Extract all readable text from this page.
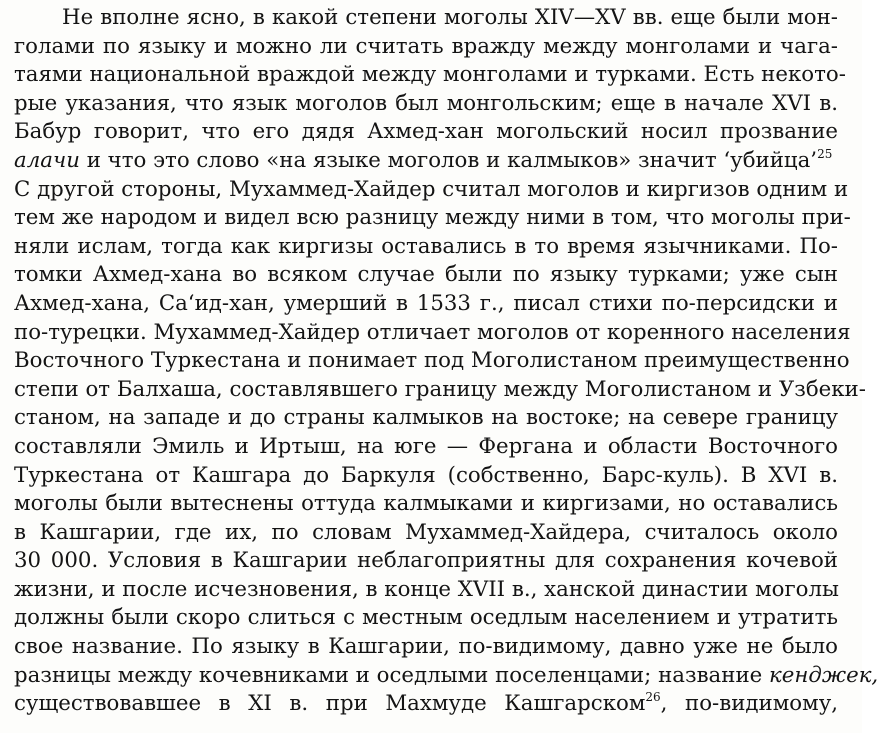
Не вполне ясно, в какой степени моголы XIV—XV вв. еще были мон-
голами по языку и можно ли считать вражду между монголами и чага-
таями национальной враждой между монголами и турками. Есть некото-
рые указания, что язык моголов был монгольским; еще в начале XVI в.
Бабур говорит, что его дядя Ахмед-хан могольский носил прозвание
алачи и что это слово «на языке моголов и калмыков» значит ‘убийца’$^{25}$
С другой стороны, Мухаммед-Хайдер считал моголов и киргизов одним и
тем же народом и видел всю разницу между ними в том, что моголы при-
няли ислам, тогда как киргизы оставались в то время язычниками. По-
томки Ахмед-хана во всяком случае были по языку турками; уже сын
Ахмед-хана, Са‘ид-хан, умерший в 1533 г., писал стихи по-персидски и
по-турецки. Мухаммед-Хайдер отличает моголов от коренного населения
Восточного Туркестана и понимает под Моголистаном преимущественно
степи от Балхаша, составлявшего границу между Моголистаном и Узбеки-
станом, на западе и до страны калмыков на востоке; на севере границу
составляли Эмиль и Иртыш, на юге — Фергана и области Восточного
Туркестана от Кашгара до Баркуля (собственно, Барс-куль). В XVI в.
моголы были вытеснены оттуда калмыками и киргизами, но оставались
в Кашгарии, где их, по словам Мухаммед-Хайдера, считалось около
30 000. Условия в Кашгарии неблагоприятны для сохранения кочевой
жизни, и после исчезновения, в конце XVII в., ханской династии моголы
должны были скоро слиться с местным оседлым населением и утратить
свое название. По языку в Кашгарии, по-видимому, давно уже не было
разницы между кочевниками и оседлыми поселенцами; название кенджек,
существовавшее в XI в. при Махмуде Кашгарском$^{26}$, по-видимому,
